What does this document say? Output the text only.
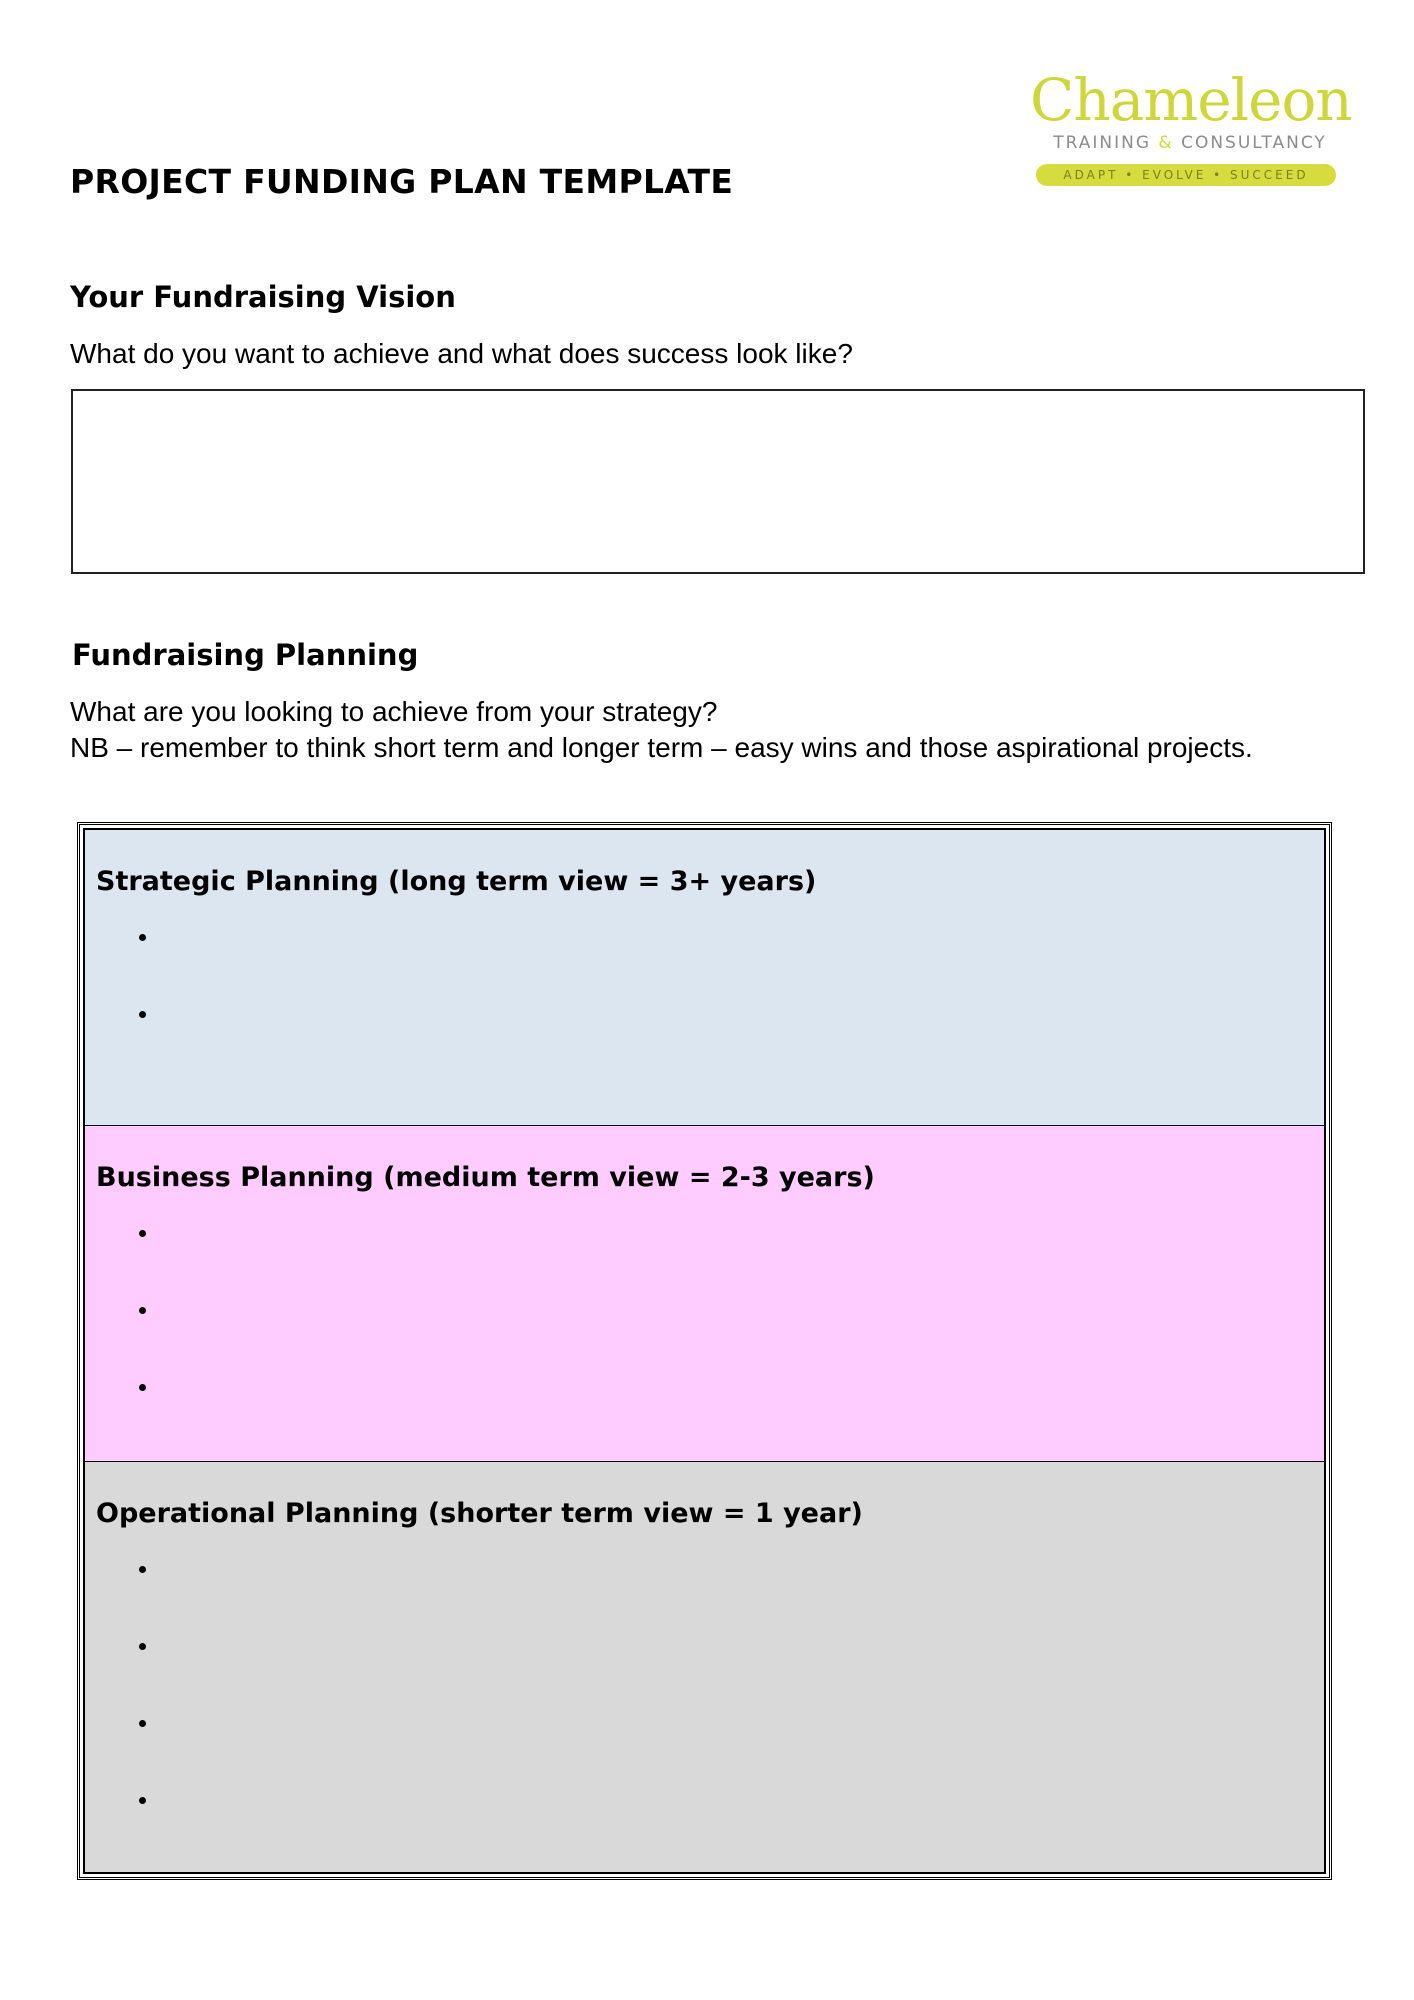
Chameleon
TRAINING & CONSULTANCY
ADAPT • EVOLVE • SUCCEED
PROJECT FUNDING PLAN TEMPLATE
Your Fundraising Vision
What do you want to achieve and what does success look like?
Fundraising Planning
What are you looking to achieve from your strategy?
NB – remember to think short term and longer term – easy wins and those aspirational projects.
Strategic Planning (long term view = 3+ years)
Business Planning (medium term view = 2-3 years)
Operational Planning (shorter term view = 1 year)
